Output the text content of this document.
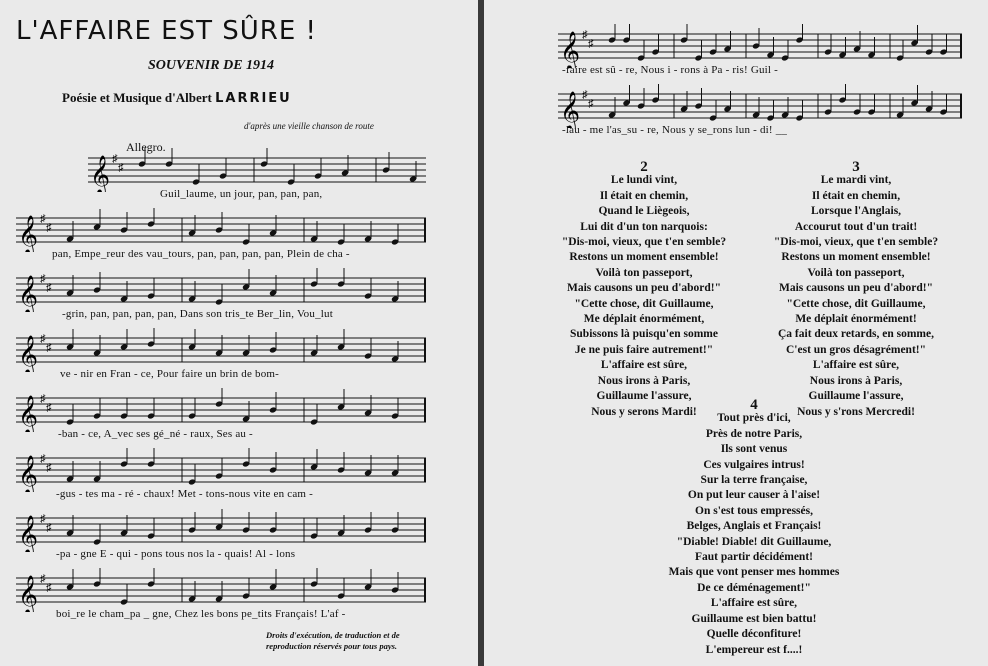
L'AFFAIRE EST SÛRE !
SOUVENIR DE 1914
Poésie et Musique d'Albert LARRIEU
d'après une vieille chanson de route
Allegro.
𝄞 ♯
♯
Guil_laume, un jour, pan, pan, pan,
𝄞 ♯
♯
pan, Empe_reur des vau_tours, pan, pan, pan, pan, Plein de cha -
𝄞 ♯
♯
-grin, pan, pan, pan, pan, Dans son tris_te Ber_lin, Vou_lut
𝄞 ♯
♯
ve - nir en Fran - ce, Pour faire un brin de bom-
𝄞 ♯
♯
-ban - ce, A_vec ses gé_né - raux, Ses au -
𝄞 ♯
♯
-gus - tes ma - ré - chaux! Met - tons-nous vite en cam -
𝄞 ♯
♯
-pa - gne E - qui - pons tous nos la - quais! Al - lons
𝄞 ♯
♯
boi_re le cham_pa _ gne, Chez les bons pe_tits Français! L'af -
Droits d'exécution, de traduction et de
reproduction réservés pour tous pays.
𝄞 ♯
♯
-faire est sû - re, Nous i - rons à Pa - ris! Guil -
𝄞 ♯
♯
-lau - me l'as_su - re, Nous y se_rons lun - di! __
2
Le lundi vint,
Il était en chemin,
Quand le Liègeois,
Lui dit d'un ton narquois:
"Dis-moi, vieux, que t'en semble?
Restons un moment ensemble!
Voilà ton passeport,
Mais causons un peu d'abord!"
"Cette chose, dit Guillaume,
Me déplait énormément,
Subissons là puisqu'en somme
Je ne puis faire autrement!"
L'affaire est sûre,
Nous irons à Paris,
Guillaume l'assure,
Nous y serons Mardi!
3
Le mardi vint,
Il était en chemin,
Lorsque l'Anglais,
Accourut tout d'un trait!
"Dis-moi, vieux, que t'en semble?
Restons un moment ensemble!
Voilà ton passeport,
Mais causons un peu d'abord!"
"Cette chose, dit Guillaume,
Me déplait énormément!
Ça fait deux retards, en somme,
C'est un gros désagrément!"
L'affaire est sûre,
Nous irons à Paris,
Guillaume l'assure,
Nous y s'rons Mercredi!
4
Tout près d'ici,
Près de notre Paris,
Ils sont venus
Ces vulgaires intrus!
Sur la terre française,
On put leur causer à l'aise!
On s'est tous empressés,
Belges, Anglais et Français!
"Diable! Diable! dit Guillaume,
Faut partir décidément!
Mais que vont penser mes hommes
De ce déménagement!"
L'affaire est sûre,
Guillaume est bien battu!
Quelle déconfiture!
L'empereur est f....!
